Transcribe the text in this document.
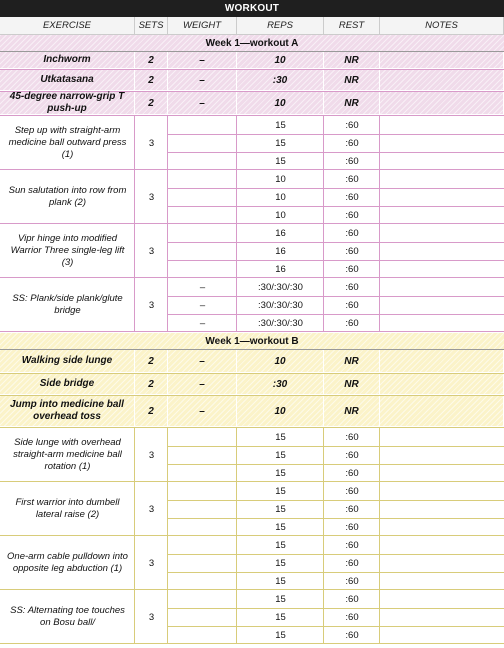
WORKOUT
EXERCISE	SETS	WEIGHT	REPS	REST	NOTES
Week 1—workout A
Inchworm	2	–	10	NR
Utkatasana	2	–	:30	NR
45-degree narrow-grip T push-up	2	–	10	NR
Step up with straight-arm medicine ball outward press (1)
3
15	:60
15	:60
15	:60
Sun salutation into row from plank (2)	3
10	:60
10	:60
10	:60
Vipr hinge into modified Warrior Three single-leg lift (3)
3
16	:60
16	:60
16	:60
SS: Plank/side plank/glute bridge	3
–	:30/:30/:30	:60
–	:30/:30/:30	:60
–	:30/:30/:30	:60
Week 1—workout B
Walking side lunge	2	–	10	NR
Side bridge	2	–	:30	NR
Jump into medicine ball overhead toss	2	–	10	NR
Side lunge with overhead straight-arm medicine ball rotation (1)
3
15	:60
15	:60
15	:60
First warrior into dumbell lateral raise (2)	3
15	:60
15	:60
15	:60
One-arm cable pulldown into opposite leg abduction (1)	3
15	:60
15	:60
15	:60
SS: Alternating toe touches on Bosu ball/	3
15	:60
15	:60
15	:60
